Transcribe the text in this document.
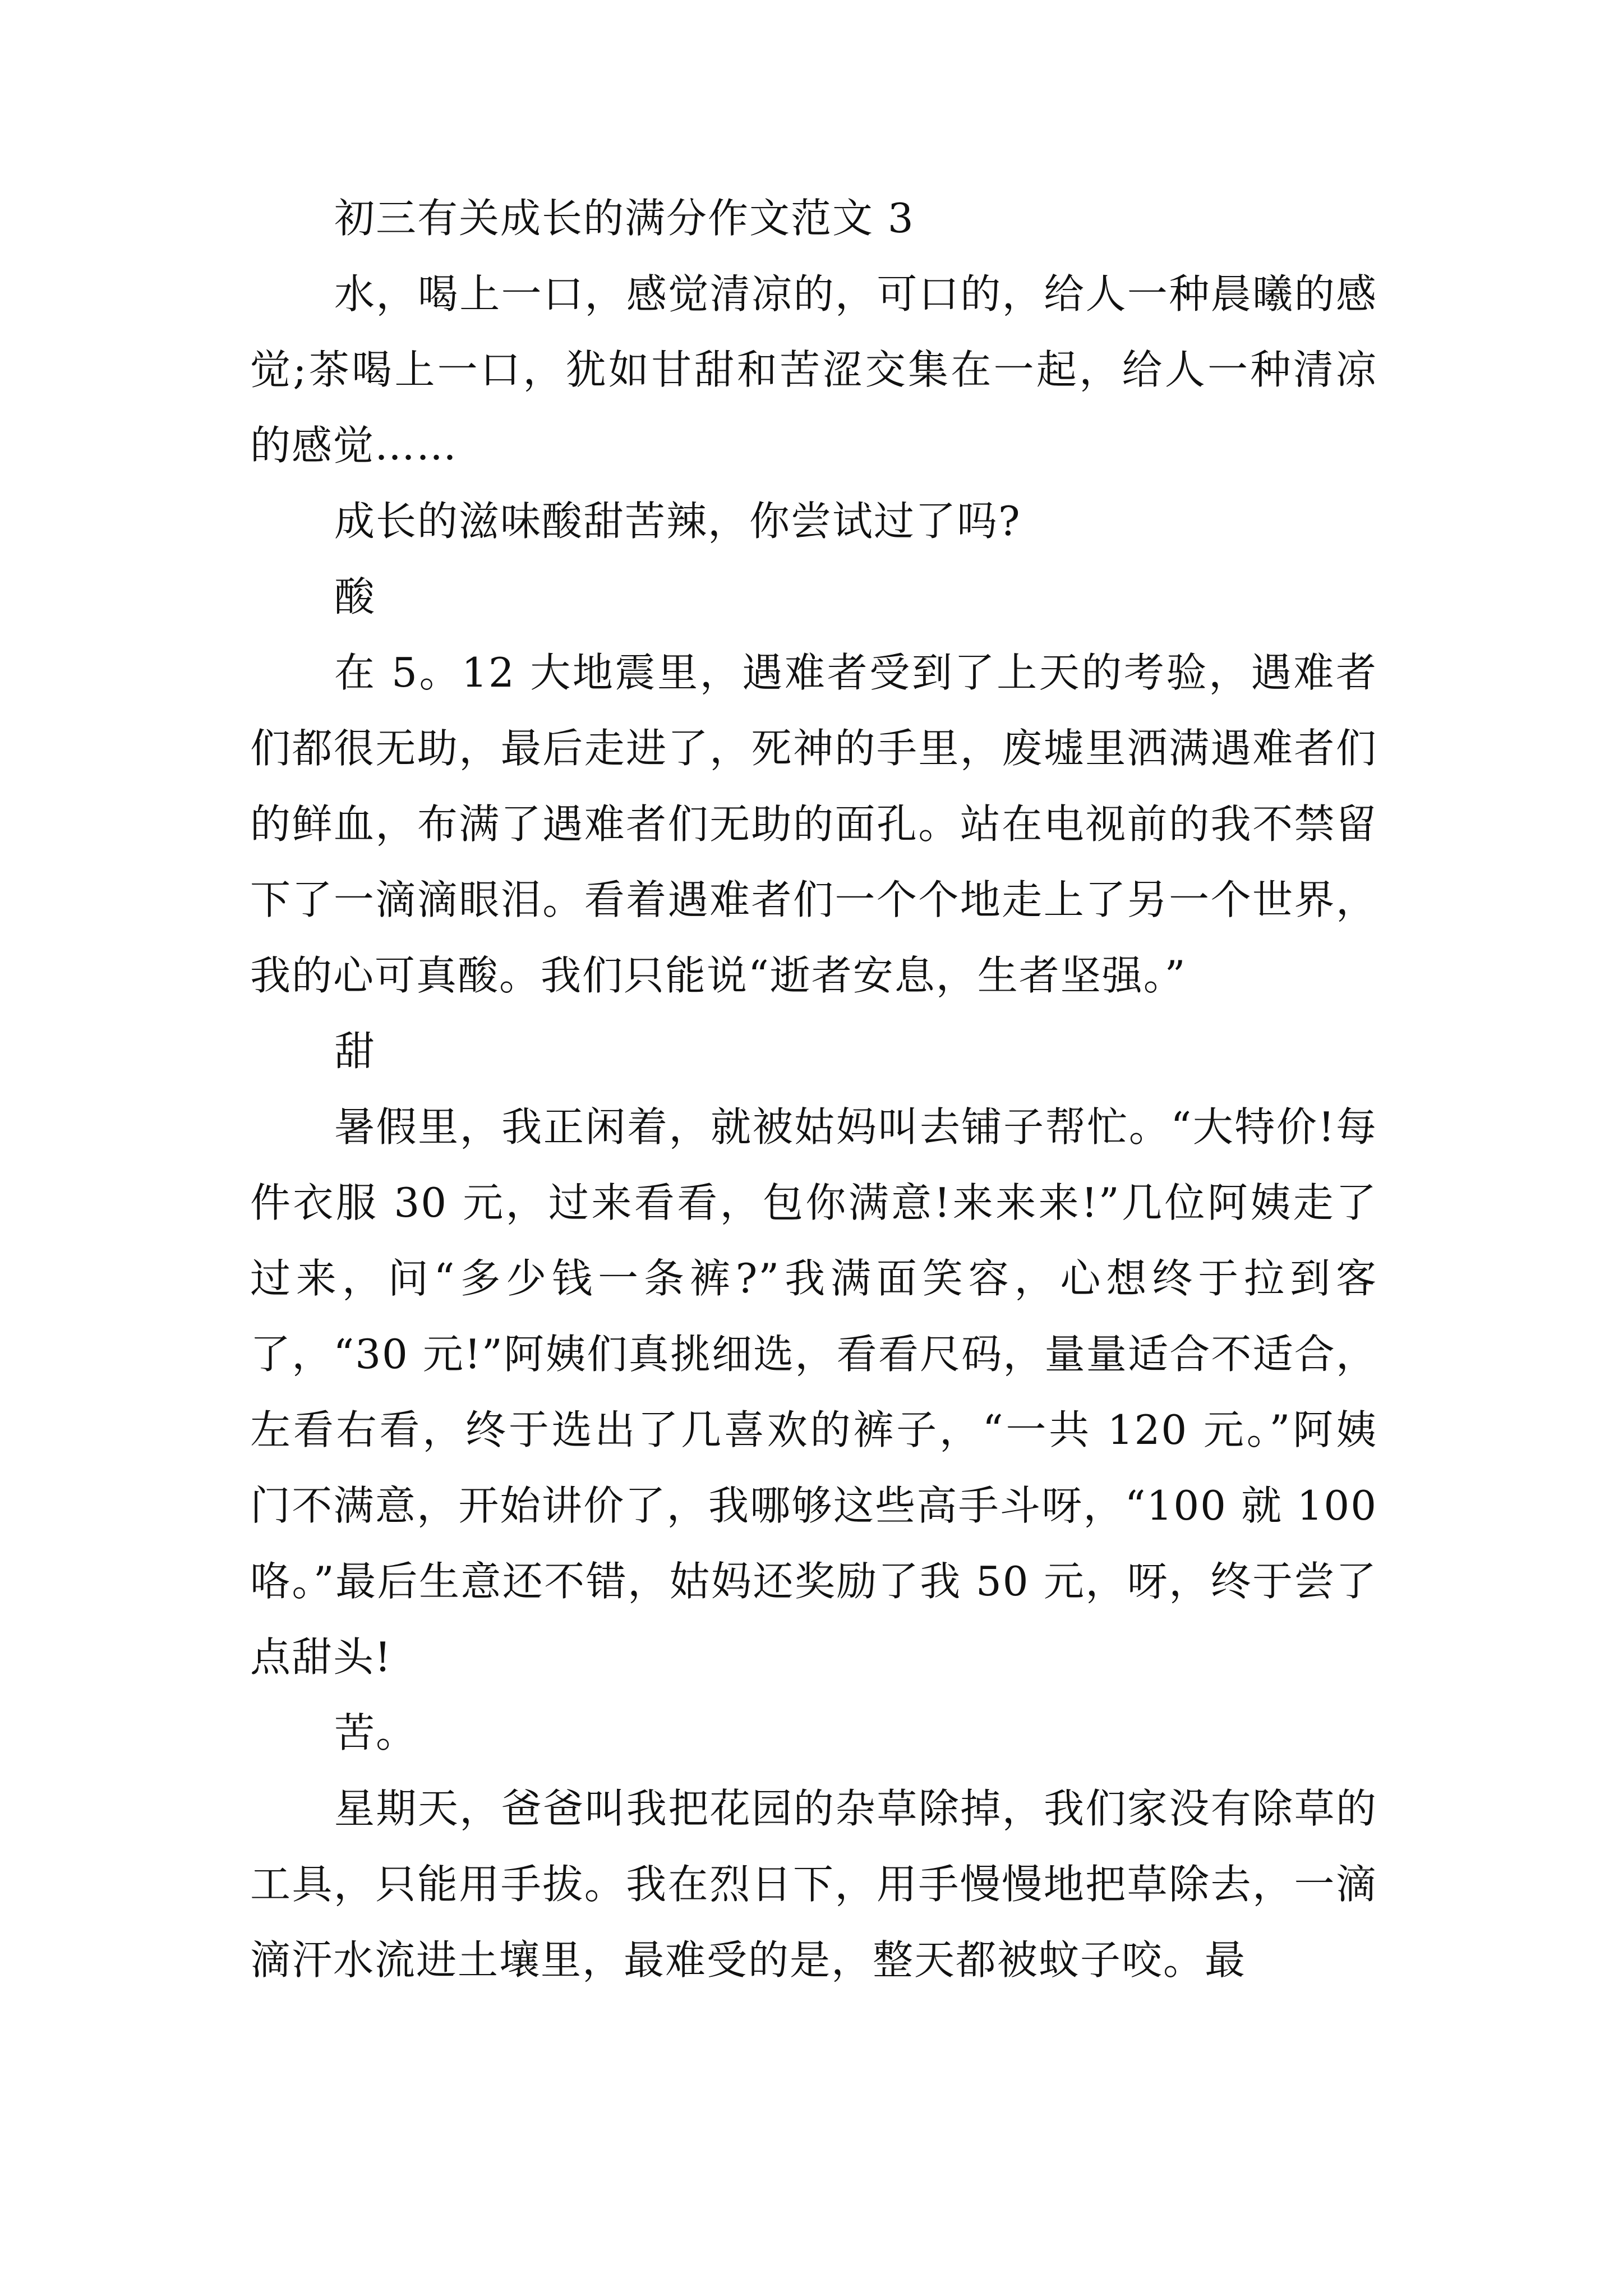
初三有关成长的满分作文范文 3

水，喝上一口，感觉清凉的，可口的，给人一种晨曦的感觉;茶喝上一口，犹如甘甜和苦涩交集在一起，给人一种清凉的感觉……

成长的滋味酸甜苦辣，你尝试过了吗?

酸

在 5。12 大地震里，遇难者受到了上天的考验，遇难者们都很无助，最后走进了，死神的手里，废墟里洒满遇难者们的鲜血，布满了遇难者们无助的面孔。站在电视前的我不禁留下了一滴滴眼泪。看着遇难者们一个个地走上了另一个世界，我的心可真酸。我们只能说“逝者安息，生者坚强。”

甜

暑假里，我正闲着，就被姑妈叫去铺子帮忙。“大特价!每件衣服 30 元，过来看看，包你满意!来来来!”几位阿姨走了过来，问“多少钱一条裤?”我满面笑容，心想终于拉到客了，“30 元!”阿姨们真挑细选，看看尺码，量量适合不适合，左看右看，终于选出了几喜欢的裤子，“一共 120 元。”阿姨门不满意，开始讲价了，我哪够这些高手斗呀，“100 就 100 咯。”最后生意还不错，姑妈还奖励了我 50 元，呀，终于尝了点甜头!

苦。

星期天，爸爸叫我把花园的杂草除掉，我们家没有除草的工具，只能用手拔。我在烈日下，用手慢慢地把草除去，一滴滴汗水流进土壤里，最难受的是，整天都被蚊子咬。最
